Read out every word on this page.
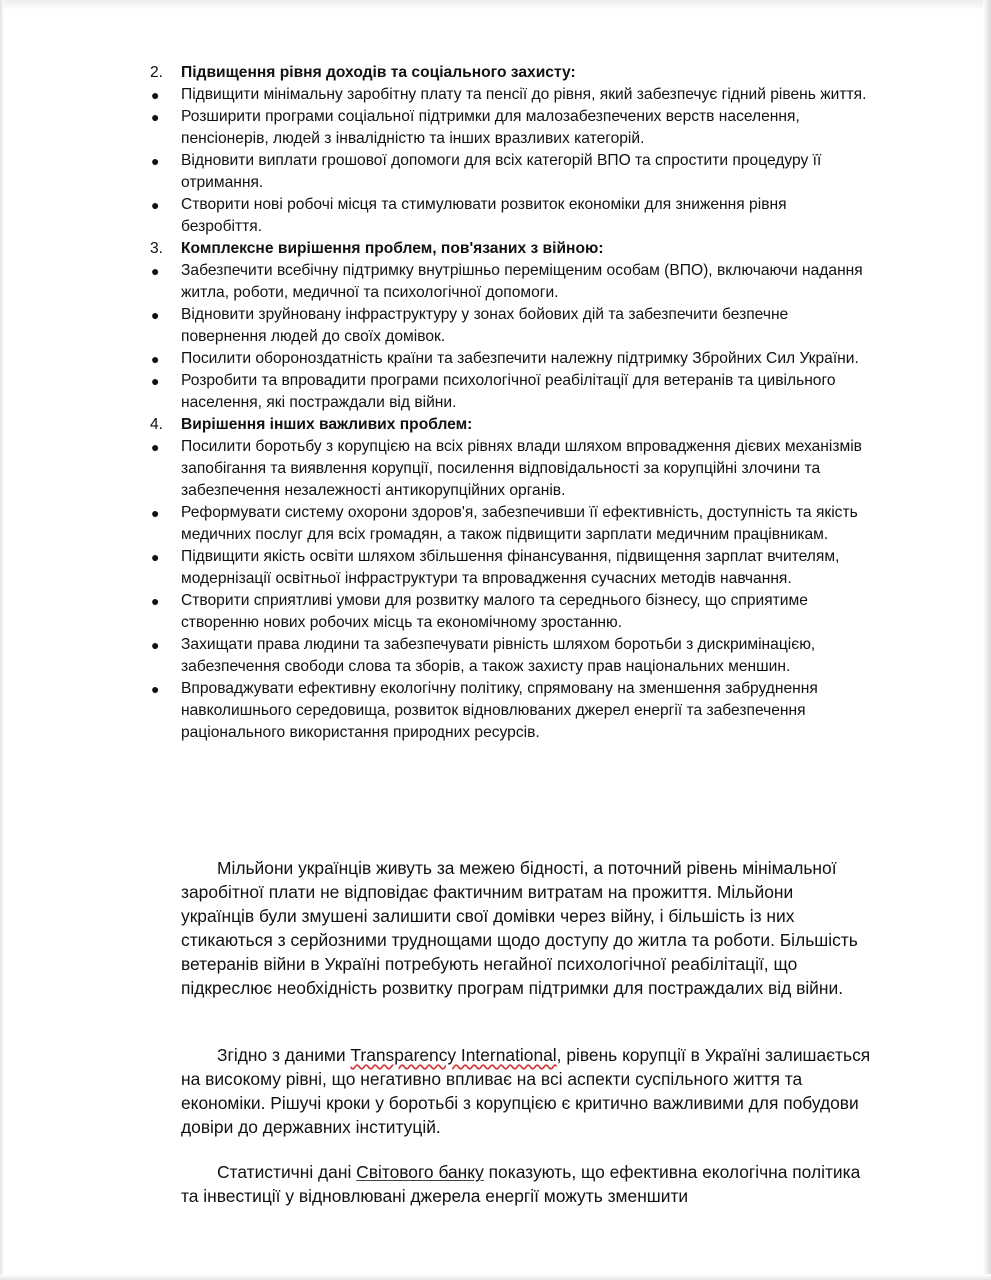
2. Підвищення рівня доходів та соціального захисту:
● Підвищити мінімальну заробітну плату та пенсії до рівня, який забезпечує гідний рівень життя.
● Розширити програми соціальної підтримки для малозабезпечених верств населення, пенсіонерів, людей з інвалідністю та інших вразливих категорій.
● Відновити виплати грошової допомоги для всіх категорій ВПО та спростити процедуру її отримання.
● Створити нові робочі місця та стимулювати розвиток економіки для зниження рівня безробіття.
3. Комплексне вирішення проблем, пов'язаних з війною:
● Забезпечити всебічну підтримку внутрішньо переміщеним особам (ВПО), включаючи надання житла, роботи, медичної та психологічної допомоги.
● Відновити зруйновану інфраструктуру у зонах бойових дій та забезпечити безпечне повернення людей до своїх домівок.
● Посилити обороноздатність країни та забезпечити належну підтримку Збройних Сил України.
● Розробити та впровадити програми психологічної реабілітації для ветеранів та цивільного населення, які постраждали від війни.
4. Вирішення інших важливих проблем:
● Посилити боротьбу з корупцією на всіх рівнях влади шляхом впровадження дієвих механізмів запобігання та виявлення корупції, посилення відповідальності за корупційні злочини та забезпечення незалежності антикорупційних органів.
● Реформувати систему охорони здоров'я, забезпечивши її ефективність, доступність та якість медичних послуг для всіх громадян, а також підвищити зарплати медичним працівникам.
● Підвищити якість освіти шляхом збільшення фінансування, підвищення зарплат вчителям, модернізації освітньої інфраструктури та впровадження сучасних методів навчання.
● Створити сприятливі умови для розвитку малого та середнього бізнесу, що сприятиме створенню нових робочих місць та економічному зростанню.
● Захищати права людини та забезпечувати рівність шляхом боротьби з дискримінацією, забезпечення свободи слова та зборів, а також захисту прав національних меншин.
● Впроваджувати ефективну екологічну політику, спрямовану на зменшення забруднення навколишнього середовища, розвиток відновлюваних джерел енергії та забезпечення раціонального використання природних ресурсів.

Мільйони українців живуть за межею бідності, а поточний рівень мінімальної заробітної плати не відповідає фактичним витратам на прожиття. Мільйони українців були змушені залишити свої домівки через війну, і більшість із них стикаються з серйозними труднощами щодо доступу до житла та роботи. Більшість ветеранів війни в Україні потребують негайної психологічної реабілітації, що підкреслює необхідність розвитку програм підтримки для постраждалих від війни.

Згідно з даними Transparency International, рівень корупції в Україні залишається на високому рівні, що негативно впливає на всі аспекти суспільного життя та економіки. Рішучі кроки у боротьбі з корупцією є критично важливими для побудови довіри до державних інституцій.

Статистичні дані Світового банку показують, що ефективна екологічна політика та інвестиції у відновлювані джерела енергії можуть зменшити
